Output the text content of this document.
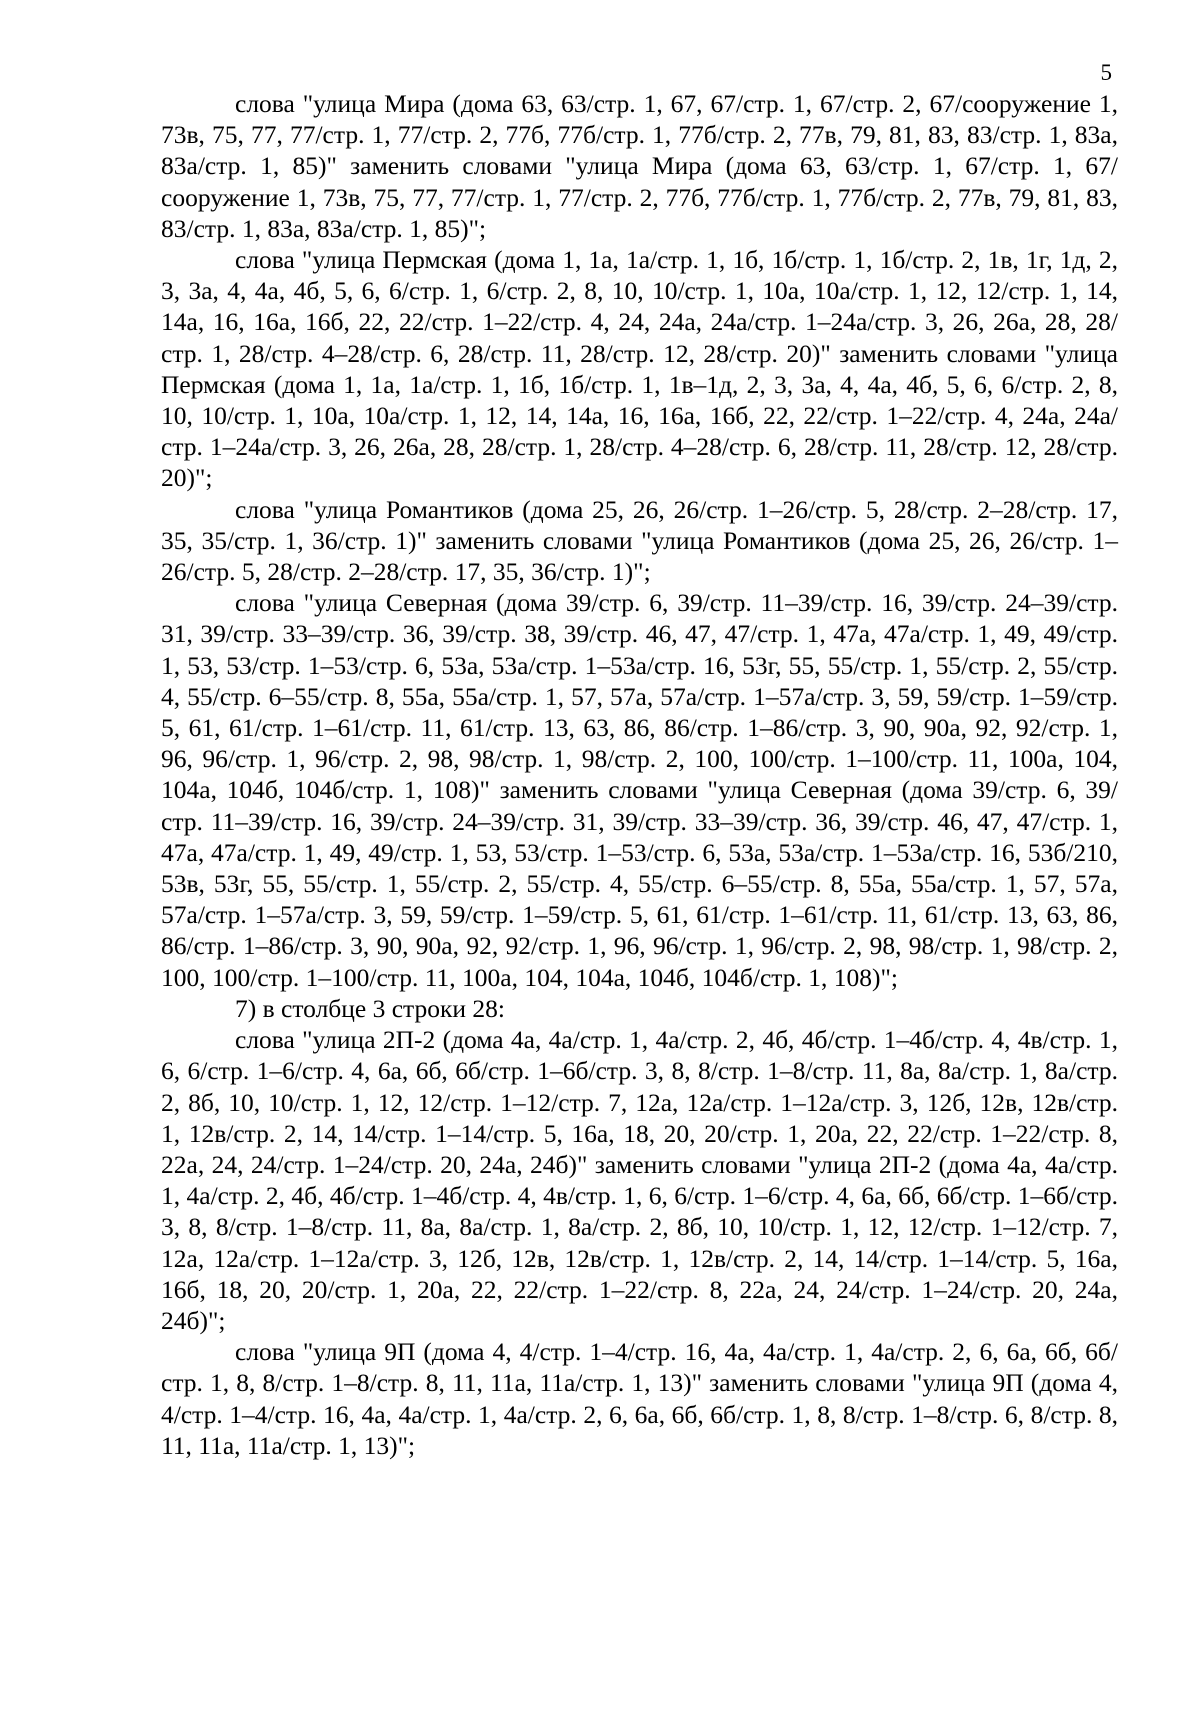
5

слова "улица Мира (дома 63, 63/стр. 1, 67, 67/стр. 1, 67/стр. 2, 67/сооружение 1, 73в, 75, 77, 77/стр. 1, 77/стр. 2, 77б, 77б/стр. 1, 77б/стр. 2, 77в, 79, 81, 83, 83/стр. 1, 83а, 83а/стр. 1, 85)" заменить словами "улица Мира (дома 63, 63/стр. 1, 67/стр. 1, 67/сооружение 1, 73в, 75, 77, 77/стр. 1, 77/стр. 2, 77б, 77б/стр. 1, 77б/стр. 2, 77в, 79, 81, 83, 83/стр. 1, 83а, 83а/стр. 1, 85)";

слова "улица Пермская (дома 1, 1а, 1а/стр. 1, 1б, 1б/стр. 1, 1б/стр. 2, 1в, 1г, 1д, 2, 3, 3а, 4, 4а, 4б, 5, 6, 6/стр. 1, 6/стр. 2, 8, 10, 10/стр. 1, 10а, 10а/стр. 1, 12, 12/стр. 1, 14, 14а, 16, 16а, 16б, 22, 22/стр. 1–22/стр. 4, 24, 24а, 24а/стр. 1–24а/стр. 3, 26, 26а, 28, 28/стр. 1, 28/стр. 4–28/стр. 6, 28/стр. 11, 28/стр. 12, 28/стр. 20)" заменить словами "улица Пермская (дома 1, 1а, 1а/стр. 1, 1б, 1б/стр. 1, 1в–1д, 2, 3, 3а, 4, 4а, 4б, 5, 6, 6/стр. 2, 8, 10, 10/стр. 1, 10а, 10а/стр. 1, 12, 14, 14а, 16, 16а, 16б, 22, 22/стр. 1–22/стр. 4, 24а, 24а/стр. 1–24а/стр. 3, 26, 26а, 28, 28/стр. 1, 28/стр. 4–28/стр. 6, 28/стр. 11, 28/стр. 12, 28/стр. 20)";

слова "улица Романтиков (дома 25, 26, 26/стр. 1–26/стр. 5, 28/стр. 2–28/стр. 17, 35, 35/стр. 1, 36/стр. 1)" заменить словами "улица Романтиков (дома 25, 26, 26/стр. 1–26/стр. 5, 28/стр. 2–28/стр. 17, 35, 36/стр. 1)";

слова "улица Северная (дома 39/стр. 6, 39/стр. 11–39/стр. 16, 39/стр. 24–39/стр. 31, 39/стр. 33–39/стр. 36, 39/стр. 38, 39/стр. 46, 47, 47/стр. 1, 47а, 47а/стр. 1, 49, 49/стр. 1, 53, 53/стр. 1–53/стр. 6, 53а, 53а/стр. 1–53а/стр. 16, 53г, 55, 55/стр. 1, 55/стр. 2, 55/стр. 4, 55/стр. 6–55/стр. 8, 55а, 55а/стр. 1, 57, 57а, 57а/стр. 1–57а/стр. 3, 59, 59/стр. 1–59/стр. 5, 61, 61/стр. 1–61/стр. 11, 61/стр. 13, 63, 86, 86/стр. 1–86/стр. 3, 90, 90а, 92, 92/стр. 1, 96, 96/стр. 1, 96/стр. 2, 98, 98/стр. 1, 98/стр. 2, 100, 100/стр. 1–100/стр. 11, 100а, 104, 104а, 104б, 104б/стр. 1, 108)" заменить словами "улица Северная (дома 39/стр. 6, 39/стр. 11–39/стр. 16, 39/стр. 24–39/стр. 31, 39/стр. 33–39/стр. 36, 39/стр. 46, 47, 47/стр. 1, 47а, 47а/стр. 1, 49, 49/стр. 1, 53, 53/стр. 1–53/стр. 6, 53а, 53а/стр. 1–53а/стр. 16, 53б/210, 53в, 53г, 55, 55/стр. 1, 55/стр. 2, 55/стр. 4, 55/стр. 6–55/стр. 8, 55а, 55а/стр. 1, 57, 57а, 57а/стр. 1–57а/стр. 3, 59, 59/стр. 1–59/стр. 5, 61, 61/стр. 1–61/стр. 11, 61/стр. 13, 63, 86, 86/стр. 1–86/стр. 3, 90, 90а, 92, 92/стр. 1, 96, 96/стр. 1, 96/стр. 2, 98, 98/стр. 1, 98/стр. 2, 100, 100/стр. 1–100/стр. 11, 100а, 104, 104а, 104б, 104б/стр. 1, 108)";

7) в столбце 3 строки 28:

слова "улица 2П-2 (дома 4а, 4а/стр. 1, 4а/стр. 2, 4б, 4б/стр. 1–4б/стр. 4, 4в/стр. 1, 6, 6/стр. 1–6/стр. 4, 6а, 6б, 6б/стр. 1–6б/стр. 3, 8, 8/стр. 1–8/стр. 11, 8а, 8а/стр. 1, 8а/стр. 2, 8б, 10, 10/стр. 1, 12, 12/стр. 1–12/стр. 7, 12а, 12а/стр. 1–12а/стр. 3, 12б, 12в, 12в/стр. 1, 12в/стр. 2, 14, 14/стр. 1–14/стр. 5, 16а, 18, 20, 20/стр. 1, 20а, 22, 22/стр. 1–22/стр. 8, 22а, 24, 24/стр. 1–24/стр. 20, 24а, 24б)" заменить словами "улица 2П-2 (дома 4а, 4а/стр. 1, 4а/стр. 2, 4б, 4б/стр. 1–4б/стр. 4, 4в/стр. 1, 6, 6/стр. 1–6/стр. 4, 6а, 6б, 6б/стр. 1–6б/стр. 3, 8, 8/стр. 1–8/стр. 11, 8а, 8а/стр. 1, 8а/стр. 2, 8б, 10, 10/стр. 1, 12, 12/стр. 1–12/стр. 7, 12а, 12а/стр. 1–12а/стр. 3, 12б, 12в, 12в/стр. 1, 12в/стр. 2, 14, 14/стр. 1–14/стр. 5, 16а, 16б, 18, 20, 20/стр. 1, 20а, 22, 22/стр. 1–22/стр. 8, 22а, 24, 24/стр. 1–24/стр. 20, 24а, 24б)";

слова "улица 9П (дома 4, 4/стр. 1–4/стр. 16, 4а, 4а/стр. 1, 4а/стр. 2, 6, 6а, 6б, 6б/стр. 1, 8, 8/стр. 1–8/стр. 8, 11, 11а, 11а/стр. 1, 13)" заменить словами "улица 9П (дома 4, 4/стр. 1–4/стр. 16, 4а, 4а/стр. 1, 4а/стр. 2, 6, 6а, 6б, 6б/стр. 1, 8, 8/стр. 1–8/стр. 6, 8/стр. 8, 11, 11а, 11а/стр. 1, 13)";
